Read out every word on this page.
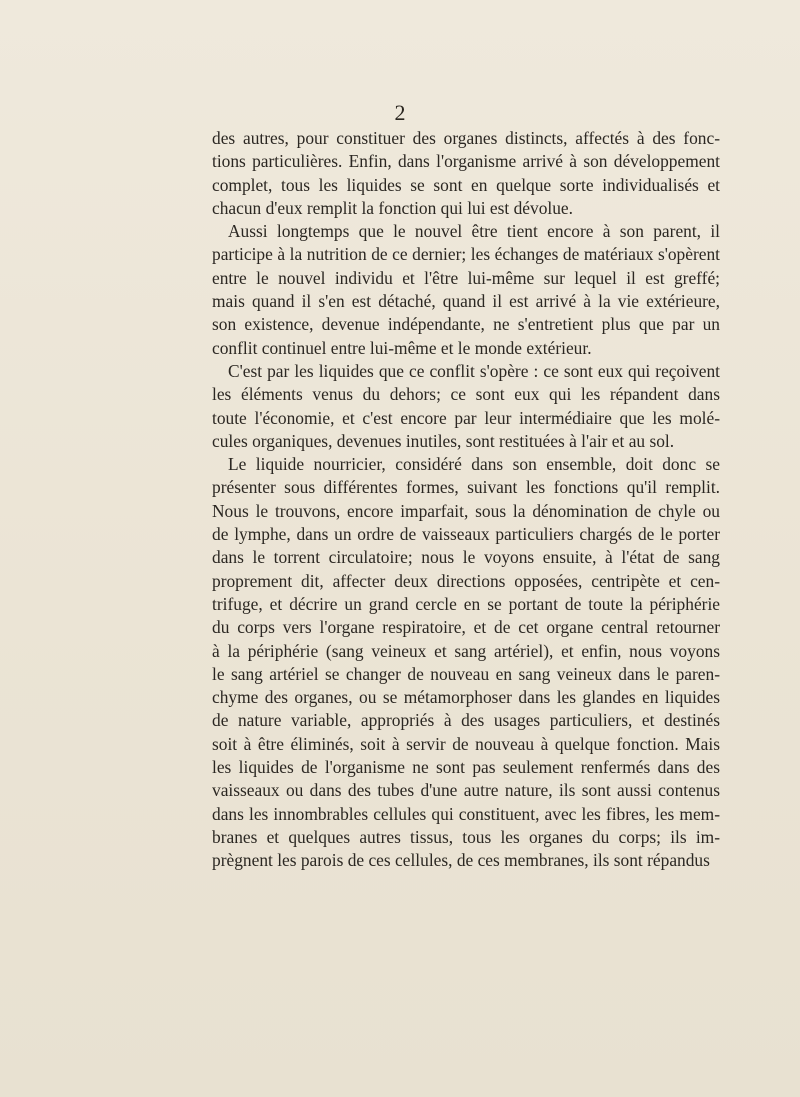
2
des autres, pour constituer des organes distincts, affectés à des fonc-
tions particulières. Enfin, dans l'organisme arrivé à son développement
complet, tous les liquides se sont en quelque sorte individualisés et
chacun d'eux remplit la fonction qui lui est dévolue.
Aussi longtemps que le nouvel être tient encore à son parent, il
participe à la nutrition de ce dernier; les échanges de matériaux s'opèrent
entre le nouvel individu et l'être lui-même sur lequel il est greffé;
mais quand il s'en est détaché, quand il est arrivé à la vie extérieure,
son existence, devenue indépendante, ne s'entretient plus que par un
conflit continuel entre lui-même et le monde extérieur.
C'est par les liquides que ce conflit s'opère : ce sont eux qui reçoivent
les éléments venus du dehors; ce sont eux qui les répandent dans
toute l'économie, et c'est encore par leur intermédiaire que les molé-
cules organiques, devenues inutiles, sont restituées à l'air et au sol.
Le liquide nourricier, considéré dans son ensemble, doit donc se
présenter sous différentes formes, suivant les fonctions qu'il remplit.
Nous le trouvons, encore imparfait, sous la dénomination de chyle ou
de lymphe, dans un ordre de vaisseaux particuliers chargés de le porter
dans le torrent circulatoire; nous le voyons ensuite, à l'état de sang
proprement dit, affecter deux directions opposées, centripète et cen-
trifuge, et décrire un grand cercle en se portant de toute la périphérie
du corps vers l'organe respiratoire, et de cet organe central retourner
à la périphérie (sang veineux et sang artériel), et enfin, nous voyons
le sang artériel se changer de nouveau en sang veineux dans le paren-
chyme des organes, ou se métamorphoser dans les glandes en liquides
de nature variable, appropriés à des usages particuliers, et destinés
soit à être éliminés, soit à servir de nouveau à quelque fonction. Mais
les liquides de l'organisme ne sont pas seulement renfermés dans des
vaisseaux ou dans des tubes d'une autre nature, ils sont aussi contenus
dans les innombrables cellules qui constituent, avec les fibres, les mem-
branes et quelques autres tissus, tous les organes du corps; ils im-
prègnent les parois de ces cellules, de ces membranes, ils sont répandus
